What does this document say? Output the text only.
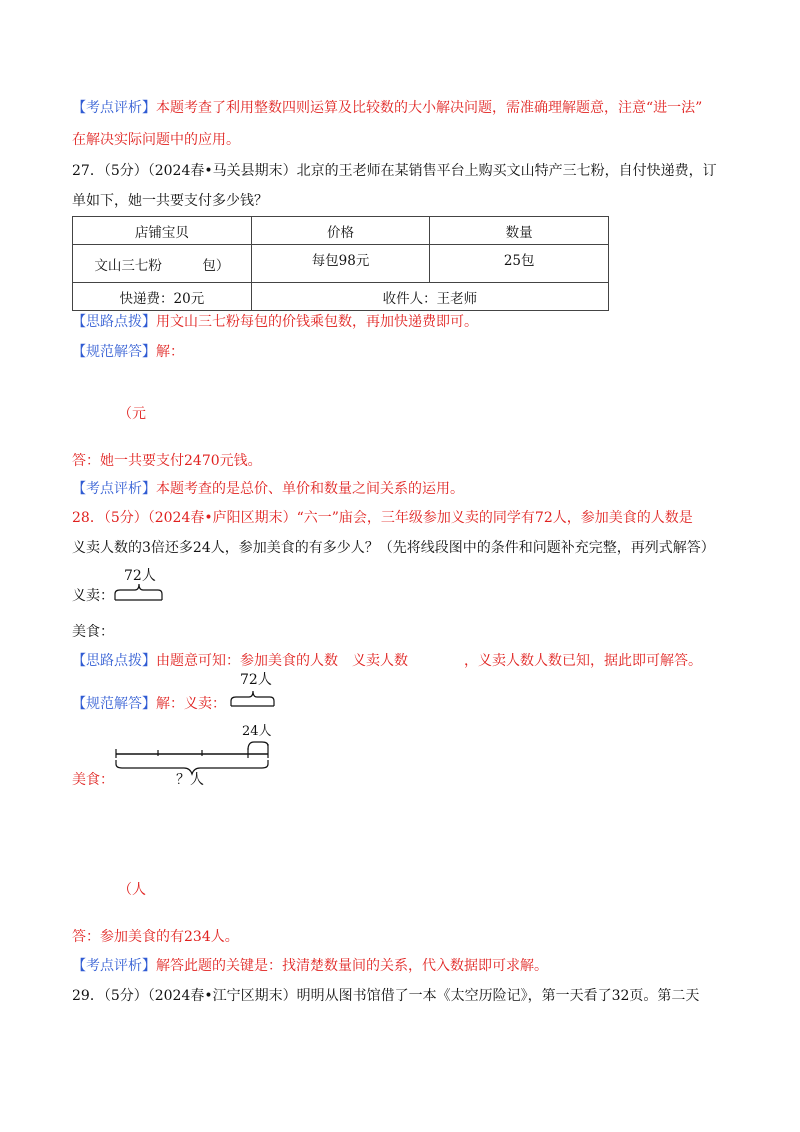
【考点评析】本题考查了利用整数四则运算及比较数的大小解决问题，需准确理解题意，注意“进一法”
在解决实际问题中的应用。
27．（5分）（2024春•马关县期末）北京的王老师在某销售平台上购买文山特产三七粉，自付快递费，订
单如下，她一共要支付多少钱？
店铺宝贝	价格	数量
文山三七粉　　　包）	每包98元	25包
快递费：20元	收件人：王老师	
【思路点拨】用文山三七粉每包的价钱乘包数，再加快递费即可。
【规范解答】解：
（元
答：她一共要支付2470元钱。
【考点评析】本题考查的是总价、单价和数量之间关系的运用。
28．（5分）（2024春•庐阳区期末）“六一”庙会，三年级参加义卖的同学有72人，参加美食的人数是
义卖人数的3倍还多24人，参加美食的有多少人？（先将线段图中的条件和问题补充完整，再列式解答）
72人
义卖：
美食：
【思路点拨】由题意可知：参加美食的人数　义卖人数　　　　，义卖人数人数已知，据此即可解答。
【规范解答】解：义卖：
72人
24人
？人
美食：
（人
答：参加美食的有234人。
【考点评析】解答此题的关键是：找清楚数量间的关系，代入数据即可求解。
29．（5分）（2024春•江宁区期末）明明从图书馆借了一本《太空历险记》，第一天看了32页。第二天
